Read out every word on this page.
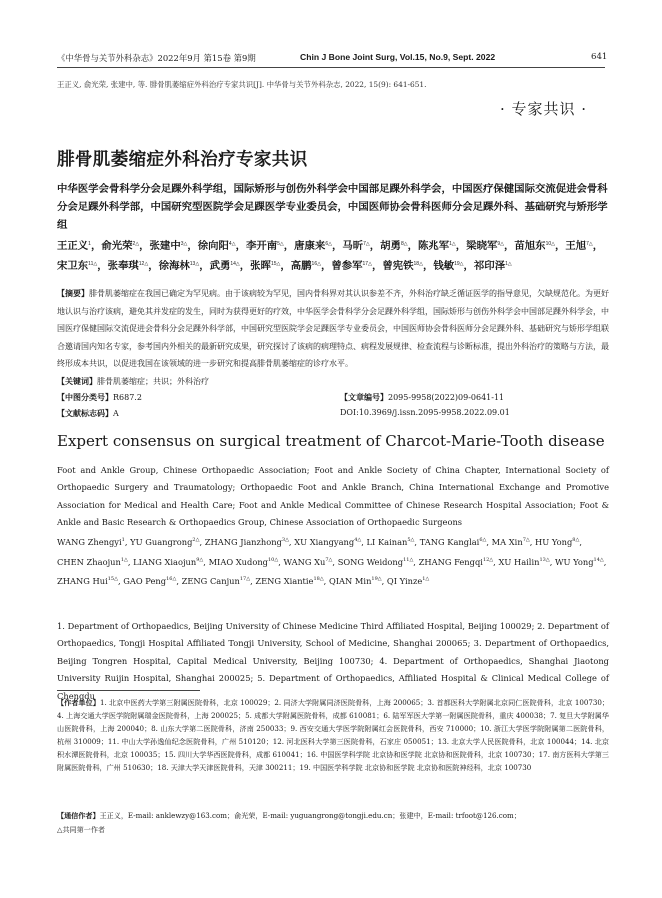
《中华骨与关节外科杂志》2022年9月 第15卷 第9期	Chin J Bone Joint Surg, Vol.15, No.9, Sept. 2022	641
王正义, 俞光荣, 张建中, 等. 腓骨肌萎缩症外科治疗专家共识[J]. 中华骨与关节外科杂志, 2022, 15(9): 641-651.
· 专家共识 ·
腓骨肌萎缩症外科治疗专家共识
中华医学会骨科学分会足踝外科学组，国际矫形与创伤外科学会中国部足踝外科学会，中国医疗保健国际交流促进会骨科分会足踝外科学部，中国研究型医院学会足踝医学专业委员会，中国医师协会骨科医师分会足踝外科、基础研究与矫形学组
王正义$^1$，俞光荣$^{2\triangle}$，张建中$^{3\triangle}$，徐向阳$^{4\triangle}$，李开南$^{5\triangle}$，唐康来$^{6\triangle}$，马昕$^{7\triangle}$，胡勇$^{8\triangle}$，陈兆军$^{1\triangle}$，梁晓军$^{9\triangle}$，苗旭东$^{10\triangle}$，王旭$^{7\triangle}$，宋卫东$^{11\triangle}$，张奉琪$^{12\triangle}$，徐海林$^{13\triangle}$，武勇$^{14\triangle}$，张晖$^{15\triangle}$，高鹏$^{16\triangle}$，曾参军$^{17\triangle}$，曾宪铁$^{18\triangle}$，钱敏$^{19\triangle}$，祁印泽$^{1\triangle}$
【摘要】腓骨肌萎缩症在我国已确定为罕见病。由于该病较为罕见，国内骨科界对其认识参差不齐，外科治疗缺乏循证医学的指导意见，欠缺规范化。为更好地认识与治疗该病，避免其并发症的发生，同时为获得更好的疗效，中华医学会骨科学分会足踝外科学组，国际矫形与创伤外科学会中国部足踝外科学会，中国医疗保健国际交流促进会骨科分会足踝外科学部，中国研究型医院学会足踝医学专业委员会，中国医师协会骨科医师分会足踝外科、基础研究与矫形学组联合邀请国内知名专家，参考国内外相关的最新研究成果，研究探讨了该病的病理特点、病程发展规律、检查流程与诊断标准，提出外科治疗的策略与方法，最终形成本共识，以促进我国在该领域的进一步研究和提高腓骨肌萎缩症的诊疗水平。
【关键词】腓骨肌萎缩症；共识；外科治疗
【中图分类号】R687.2	【文章编号】2095-9958(2022)09-0641-11
【文献标志码】A	DOI:10.3969/j.issn.2095-9958.2022.09.01
Expert consensus on surgical treatment of Charcot-Marie-Tooth disease
Foot and Ankle Group, Chinese Orthopaedic Association; Foot and Ankle Society of China Chapter, International Society of Orthopaedic Surgery and Traumatology; Orthopaedic Foot and Ankle Branch, China International Exchange and Promotive Association for Medical and Health Care; Foot and Ankle Medical Committee of Chinese Research Hospital Association; Foot & Ankle and Basic Research & Orthopaedics Group, Chinese Association of Orthopaedic Surgeons
WANG Zhengyi$^1$, YU Guangrong$^{2\triangle}$, ZHANG Jianzhong$^{3\triangle}$, XU Xiangyang$^{4\triangle}$, LI Kainan$^{5\triangle}$, TANG Kanglai$^{6\triangle}$, MA Xin$^{7\triangle}$, HU Yong$^{8\triangle}$, CHEN Zhaojun$^{1\triangle}$, LIANG Xiaojun$^{9\triangle}$, MIAO Xudong$^{10\triangle}$, WANG $Xu^{7\triangle}$, SONG Weidong$^{11\triangle}$, ZHANG Fengqi$^{12\triangle}$, XU Hailin$^{13\triangle}$, WU Yong$^{14\triangle}$, ZHANG Hui$^{15\triangle}$, GAO Peng$^{16\triangle}$, ZENG Canjun$^{17\triangle}$, ZENG Xiantie$^{18\triangle}$, QIAN Min$^{19\triangle}$, QI Yinze$^{1\triangle}$
1. Department of Orthopaedics, Beijing University of Chinese Medicine Third Affiliated Hospital, Beijing 100029; 2. Department of Orthopaedics, Tongji Hospital Affiliated Tongji University, School of Medicine, Shanghai 200065; 3. Department of Orthopaedics, Beijing Tongren Hospital, Capital Medical University, Beijing 100730; 4. Department of Orthopaedics, Shanghai Jiaotong University Ruijin Hospital, Shanghai 200025; 5. Department of Orthopaedics, Affiliated Hospital & Clinical Medical College of Chengdu
【作者单位】1. 北京中医药大学第三附属医院骨科，北京 100029；2. 同济大学附属同济医院骨科，上海 200065；3. 首都医科大学附属北京同仁医院骨科，北京 100730；4. 上海交通大学医学院附属瑞金医院骨科，上海 200025；5. 成都大学附属医院骨科，成都 610081；6. 陆军军医大学第一附属医院骨科，重庆 400038；7. 复旦大学附属华山医院骨科，上海 200040；8. 山东大学第二医院骨科，济南 250033；9. 西安交通大学医学院附属红会医院骨科，西安 710000；10. 浙江大学医学院附属第二医院骨科，杭州 310009；11. 中山大学孙逸仙纪念医院骨科，广州 510120；12. 河北医科大学第三医院骨科，石家庄 050051；13. 北京大学人民医院骨科，北京 100044；14. 北京积水潭医院骨科，北京 100035；15. 四川大学华西医院骨科，成都 610041；16. 中国医学科学院 北京协和医学院 北京协和医院骨科，北京 100730；17. 南方医科大学第三附属医院骨科，广州 510630；18. 天津大学天津医院骨科，天津 300211；19. 中国医学科学院 北京协和医学院 北京协和医院神经科，北京 100730
【通信作者】王正义，E-mail: anklewzy@163.com；俞光荣，E-mail: yuguangrong@tongji.edu.cn；张建中，E-mail: trfoot@126.com；
△共同第一作者
